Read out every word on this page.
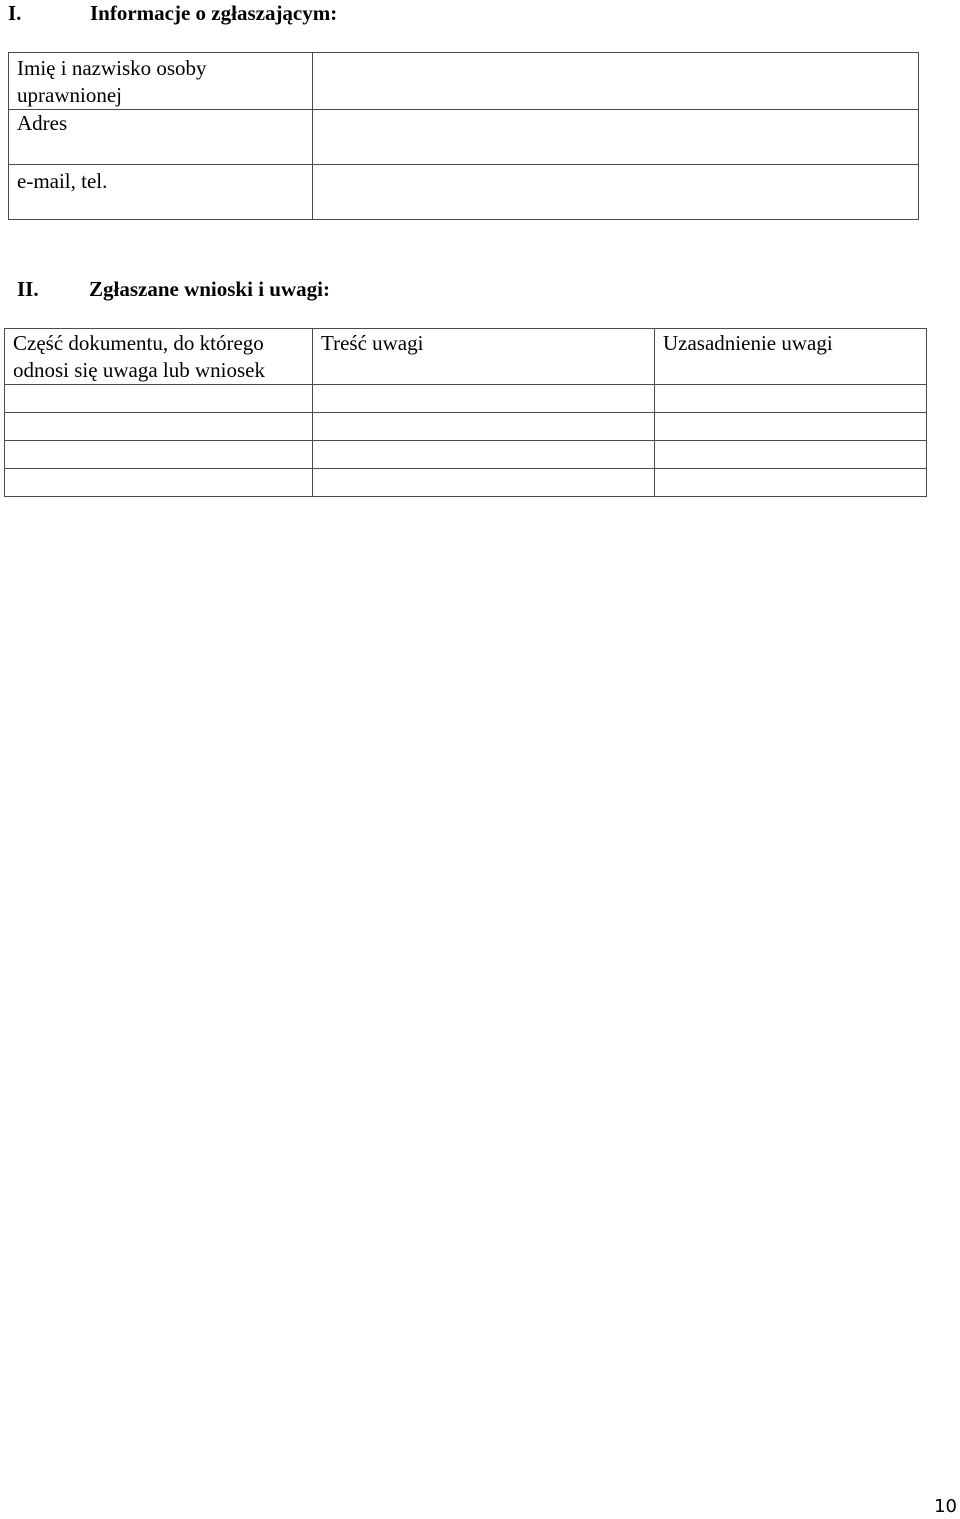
I.	Informacje o zgłaszającym:
Imię i nazwisko osoby uprawnionej	
Adres	
e-mail, tel.	
II. Zgłaszane wnioski i uwagi:
Część dokumentu, do którego odnosi się uwaga lub wniosek	Treść uwagi	Uzasadnienie uwagi

10
